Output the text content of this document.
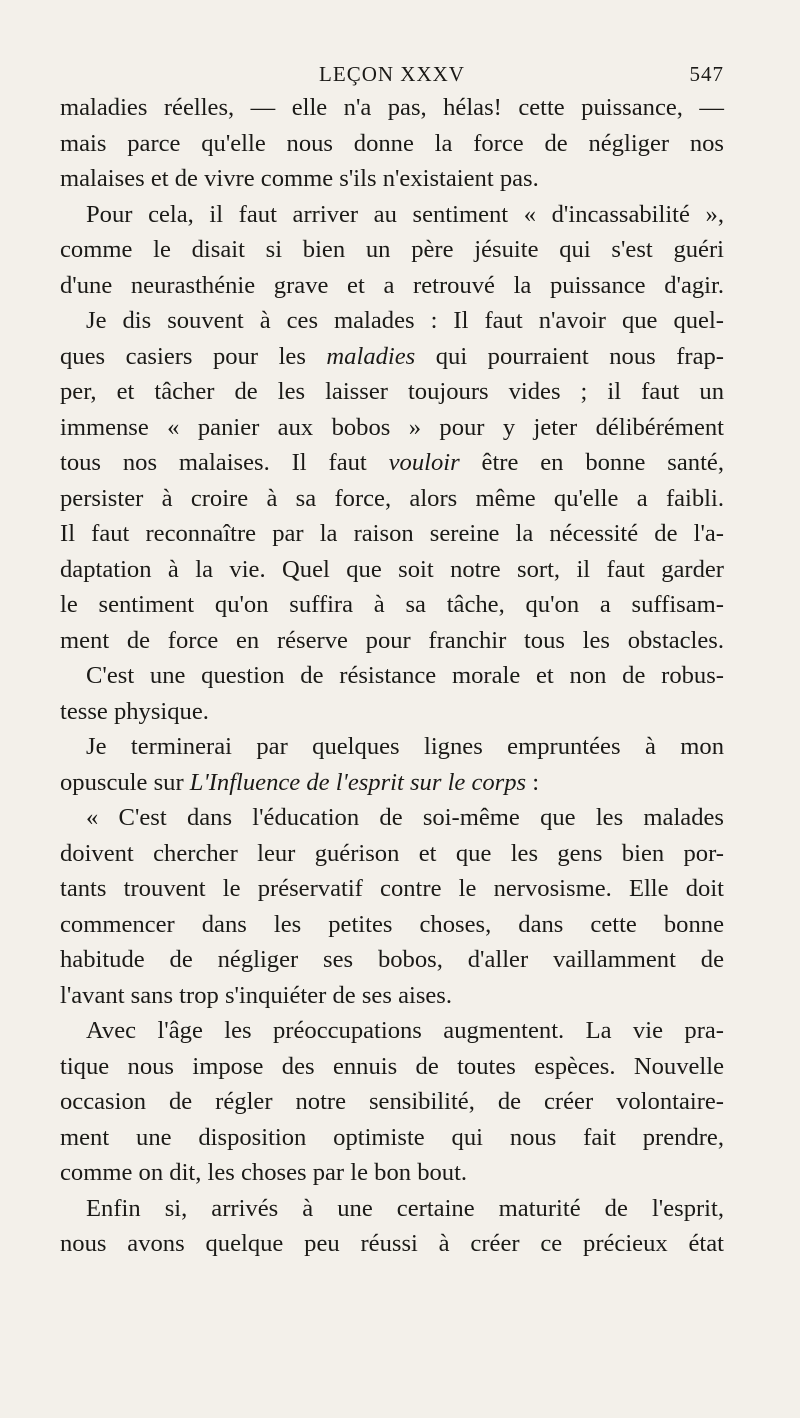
LEÇON XXXV	547
maladies réelles, — elle n'a pas, hélas! cette puissance, —
mais parce qu'elle nous donne la force de négliger nos
malaises et de vivre comme s'ils n'existaient pas.
Pour cela, il faut arriver au sentiment « d'incassabilité »,
comme le disait si bien un père jésuite qui s'est guéri
d'une neurasthénie grave et a retrouvé la puissance d'agir.
Je dis souvent à ces malades : Il faut n'avoir que quel-
ques casiers pour les maladies qui pourraient nous frap-
per, et tâcher de les laisser toujours vides ; il faut un
immense « panier aux bobos » pour y jeter délibérément
tous nos malaises. Il faut vouloir être en bonne santé,
persister à croire à sa force, alors même qu'elle a faibli.
Il faut reconnaître par la raison sereine la nécessité de l'a-
daptation à la vie. Quel que soit notre sort, il faut garder
le sentiment qu'on suffira à sa tâche, qu'on a suffisam-
ment de force en réserve pour franchir tous les obstacles.
C'est une question de résistance morale et non de robus-
tesse physique.
Je terminerai par quelques lignes empruntées à mon
opuscule sur L'Influence de l'esprit sur le corps :
« C'est dans l'éducation de soi-même que les malades
doivent chercher leur guérison et que les gens bien por-
tants trouvent le préservatif contre le nervosisme. Elle doit
commencer dans les petites choses, dans cette bonne
habitude de négliger ses bobos, d'aller vaillamment de
l'avant sans trop s'inquiéter de ses aises.
Avec l'âge les préoccupations augmentent. La vie pra-
tique nous impose des ennuis de toutes espèces. Nouvelle
occasion de régler notre sensibilité, de créer volontaire-
ment une disposition optimiste qui nous fait prendre,
comme on dit, les choses par le bon bout.
Enfin si, arrivés à une certaine maturité de l'esprit,
nous avons quelque peu réussi à créer ce précieux état
